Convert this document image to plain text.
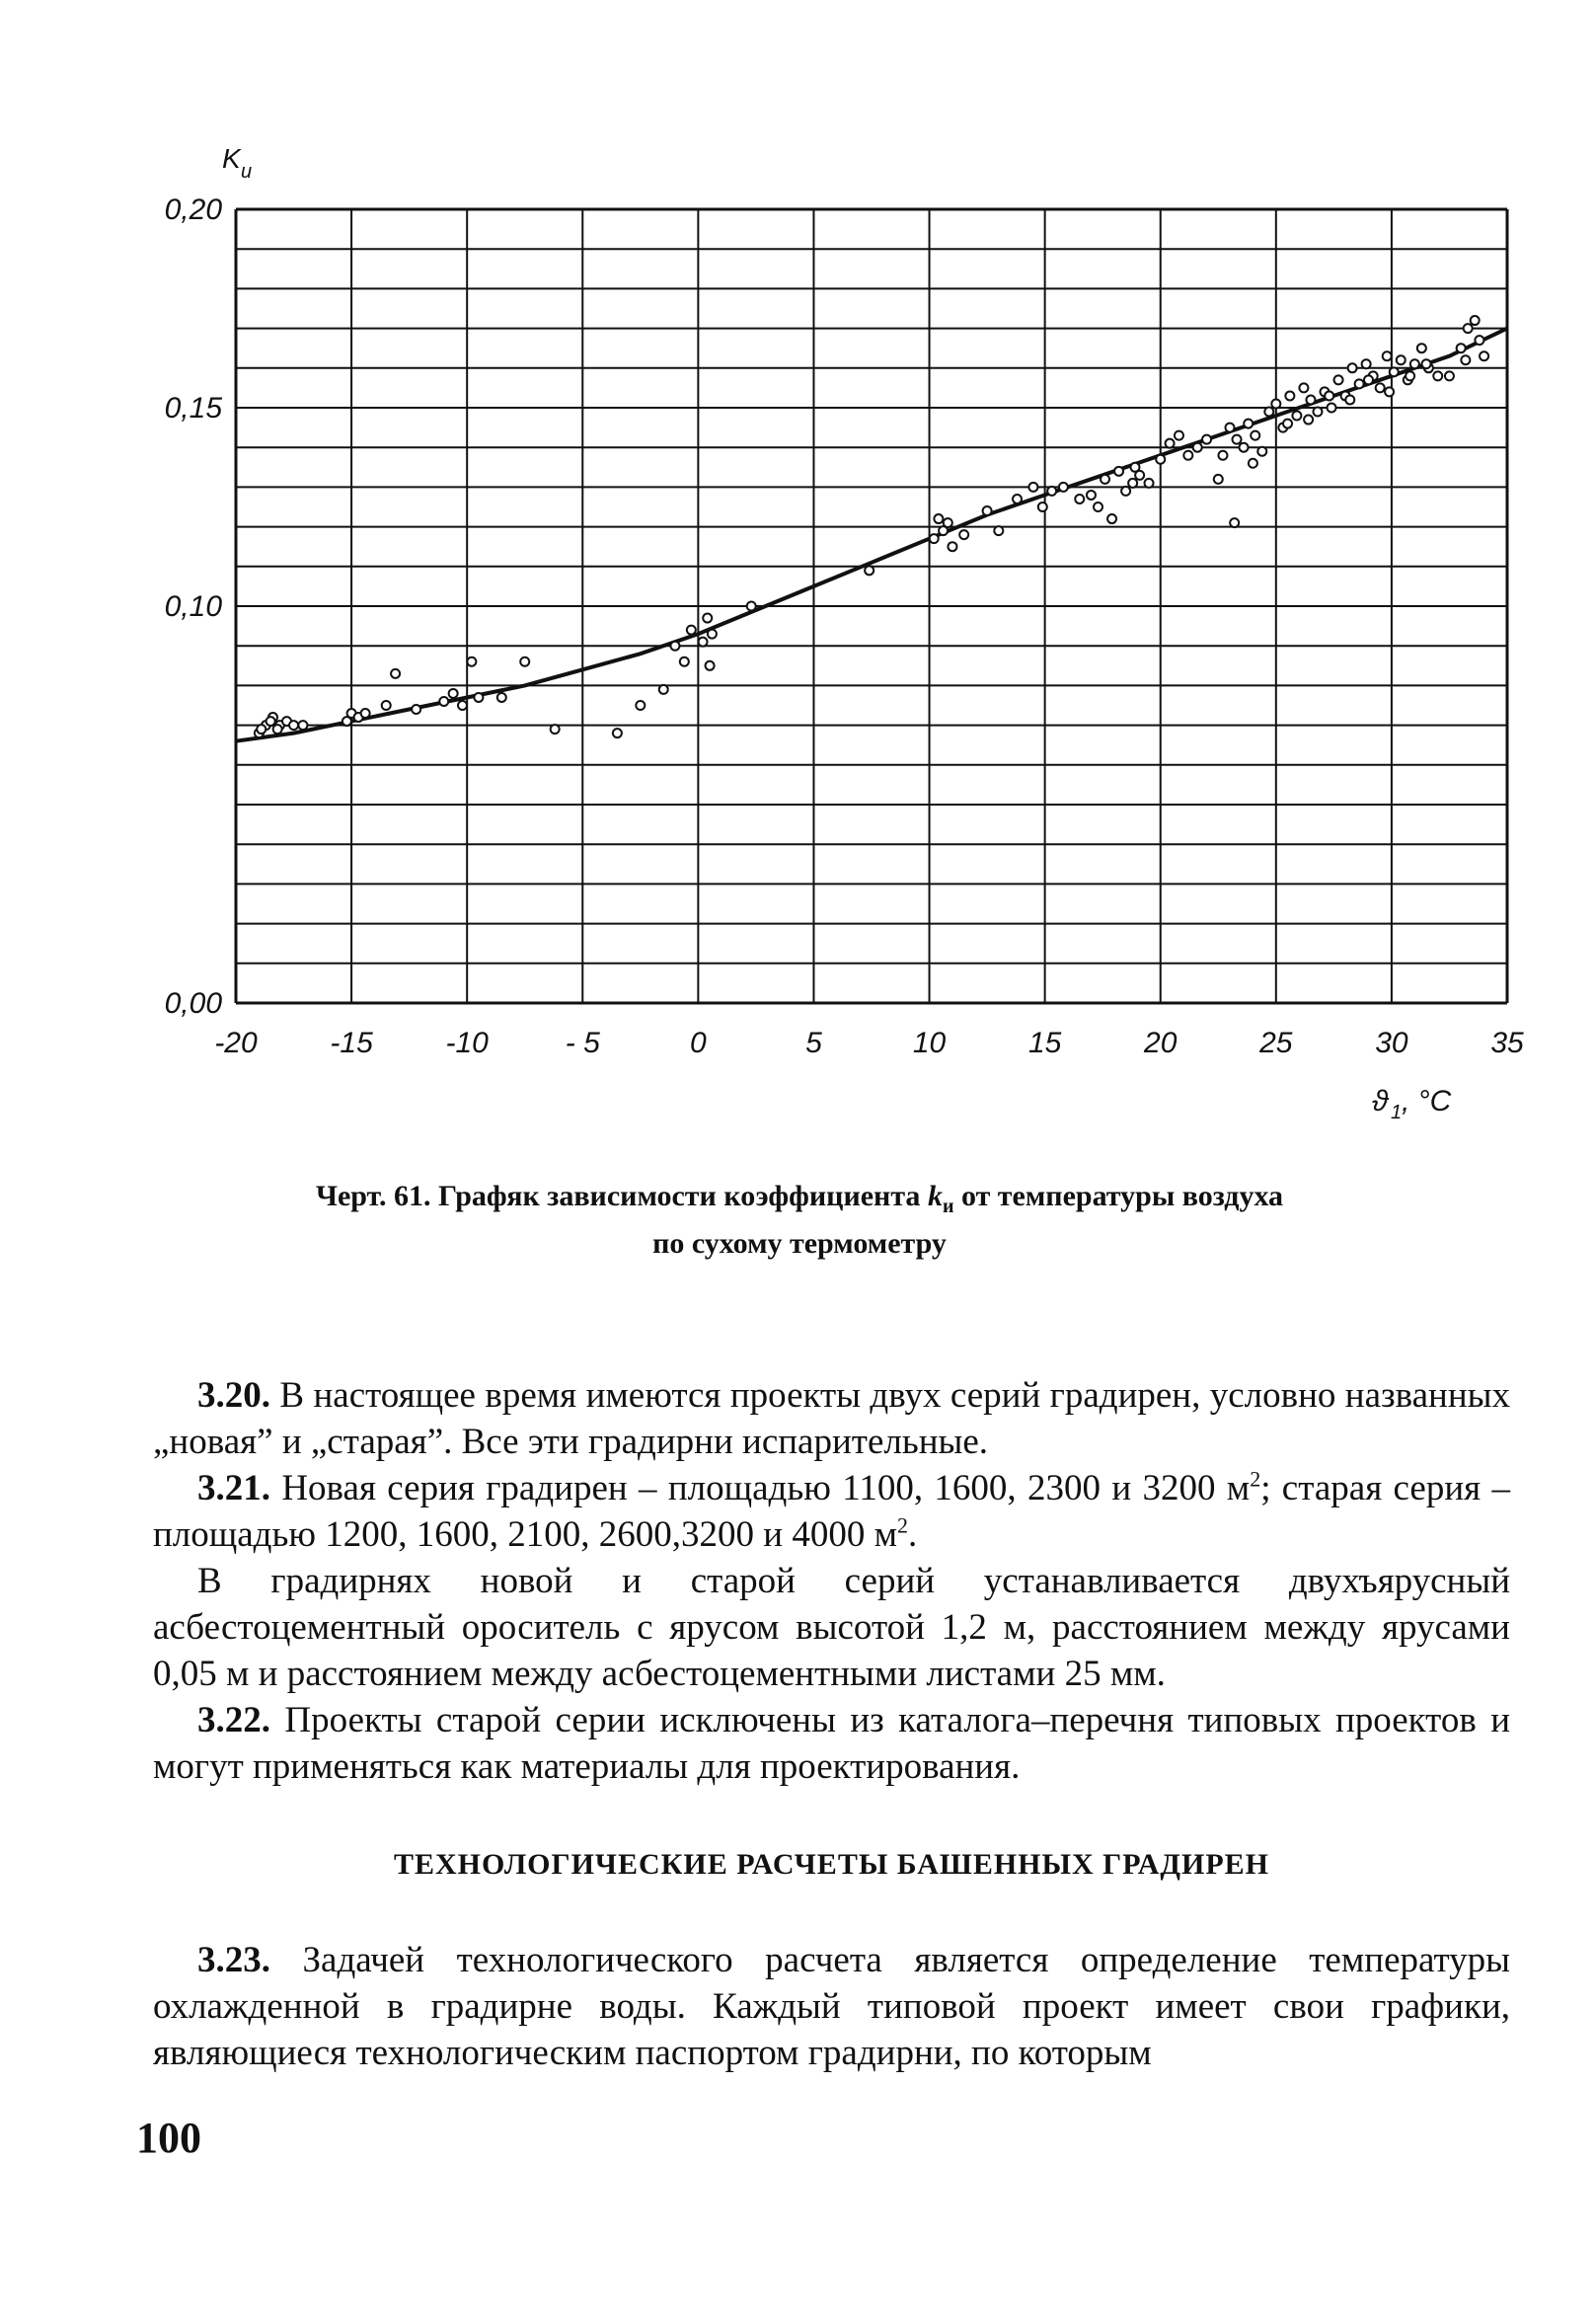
-20 -15 -10	- 5	0	5	10	15	20	25	30	35
0,00
0,10
0,15
0,20
K и
ϑ 1 , °C
Черт. 61. Графяк зависимости коэффициента $k_и$ от температуры воздуха
по сухому термометру

3.20. В настоящее время имеются проекты двух серий градирен, условно названных „новая” и „старая”. Все эти градирни испарительные.

3.21. Новая серия градирен – площадью 1100, 1600, 2300 и 3200 $м^2$; старая серия – площадью 1200, 1600, 2100, 2600,3200 и 4000 $м^2$.

В градирнях новой и старой серий устанавливается двухъярусный асбестоцементный ороситель с ярусом высотой 1,2 м, расстоянием между ярусами 0,05 м и расстоянием между асбестоцементными листами 25 мм.

3.22. Проекты старой серии исключены из каталога–перечня типовых проектов и могут применяться как материалы для проектирования.

ТЕХНОЛОГИЧЕСКИЕ РАСЧЕТЫ БАШЕННЫХ ГРАДИРЕН

3.23. Задачей технологического расчета является определение температуры охлажденной в градирне воды. Каждый типовой проект имеет свои графики, являющиеся технологическим паспортом градирни, по которым

100
